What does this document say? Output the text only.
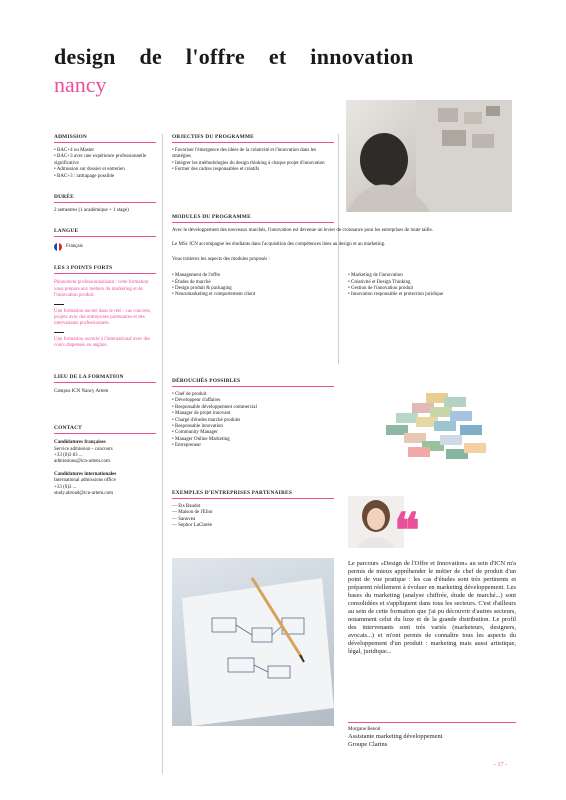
design de l'offre et innovation
nancy
ADMISSION
• BAC+4 ou Master
• BAC+3 avec une expérience professionnelle significative
• Admission sur dossier et entretien
• BAC+3 : rattrapage possible
DURÉE
2 semestres (1 académique + 1 stage)
LANGUE
Français
LES 3 POINTS FORTS
Pleinement professionnalisant : cette formation vous prépare aux métiers du marketing et de l'innovation produit.
Une formation ancrée dans le réel : cas concrets, projets avec des entreprises partenaires et des intervenants professionnels.
Une formation ouverte à l'international avec des cours dispensés en anglais.
LIEU DE LA FORMATION
Campus ICN Nancy Artem
CONTACT
Candidatures françaises
Service admission - concours
+33 (0)3 83 ...
admissions@icn-artem.com
Candidatures internationales
International admissions office
+33 (0)3 ...
study.abroad@icn-artem.com
OBJECTIFS DU PROGRAMME
• Favoriser l'émergence des idées de la créativité et l'innovation dans les stratégies
• Intégrer les méthodologies du design thinking à chaque projet d'innovation
• Former des cadres responsables et créatifs
MODULES DU PROGRAMME
Avec le développement des nouveaux marchés, l'innovation est devenue un levier de croissance pour les entreprises de toute taille.
Le MSc ICN accompagne les étudiants dans l'acquisition des compétences liées au design et au marketing.
Vous traiterez les aspects des modules proposés :
• Management de l'offre
• Études de marché
• Design produit & packaging
• Neuromarketing et comportement client
• Marketing de l'innovation
• Créativité et Design Thinking
• Gestion de l'innovation produit
• Innovation responsable et protection juridique
DÉBOUCHÉS POSSIBLES
• Chef de produit
• Développeur d'affaires
• Responsable développement commercial
• Manager de projet innovant
• Chargé d'études marché produits
• Responsable innovation
• Community Manager
• Manager Online Marketing
• Entrepreneur
EXEMPLES D'ENTREPRISES PARTENAIRES
— Ets Baudot
— Maison de l'Elior
— Sanovea
— Sephor LaClarée	❝
Le parcours «Design de l'Offre et Innovation» au sein d'ICN m'a permis de mieux appréhender le métier de chef de produit d'un point de vue pratique : les cas d'études sont très pertinents et préparent réellement à évoluer en marketing développement. Les bases du marketing (analyse chiffrée, étude de marché...) sont consolidées et s'appliquent dans tous les secteurs. C'est d'ailleurs au sein de cette formation que j'ai pu découvrir d'autres secteurs, notamment celui du luxe et de la grande distribution. Le profil des intervenants sont très variés (marketeurs, designers, avocats...) et m'ont permis de connaître tous les aspects du développement d'un produit : marketing mais aussi artistique, légal, juridique...
Morgane Benoit
Assistante marketing développement
Groupe Clarins
- 17 -
